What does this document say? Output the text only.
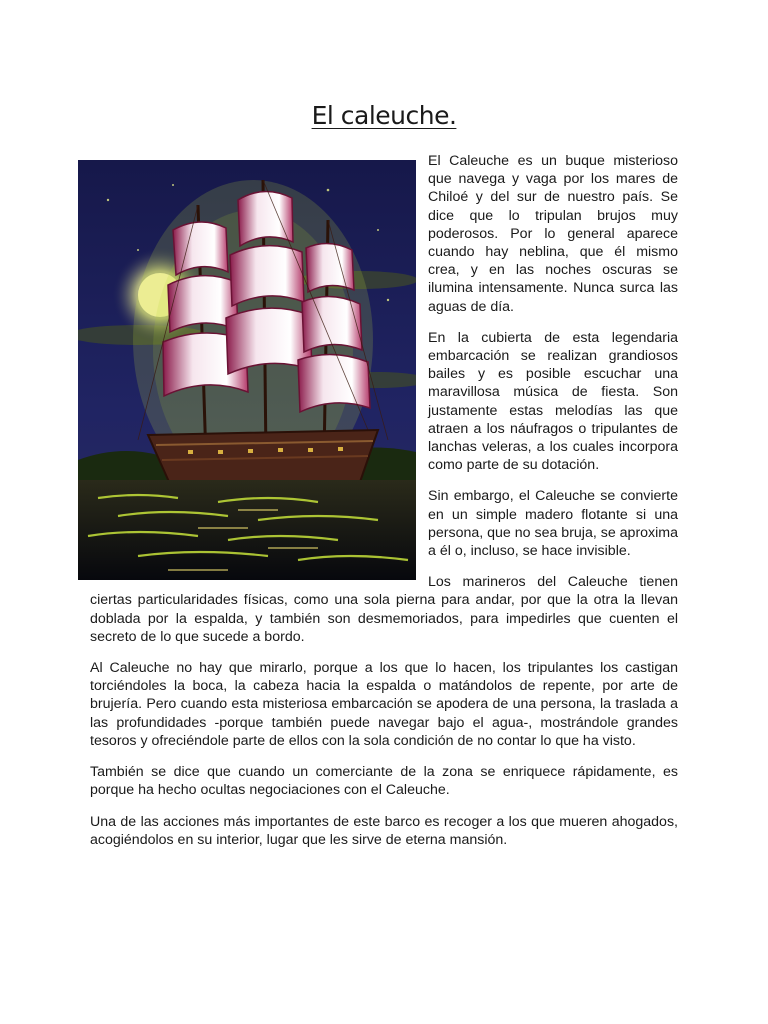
El caleuche.

El Caleuche es un buque misterioso que navega y vaga por los mares de Chiloé y del sur de nuestro país. Se dice que lo tripulan brujos muy poderosos. Por lo general aparece cuando hay neblina, que él mismo crea, y en las noches oscuras se ilumina intensamente. Nunca surca las aguas de día.

En la cubierta de esta legendaria embarcación se realizan grandiosos bailes y es posible escuchar una maravillosa música de fiesta. Son justamente estas melodías las que atraen a los náufragos o tripulantes de lanchas veleras, a los cuales incorpora como parte de su dotación.

Sin embargo, el Caleuche se convierte en un simple madero flotante si una persona, que no sea bruja, se aproxima a él o, incluso, se hace invisible.

Los marineros del Caleuche tienen ciertas particularidades físicas, como una sola pierna para andar, por que la otra la llevan doblada por la espalda, y también son desmemoriados, para impedirles que cuenten el secreto de lo que sucede a bordo.

Al Caleuche no hay que mirarlo, porque a los que lo hacen, los tripulantes los castigan torciéndoles la boca, la cabeza hacia la espalda o matándolos de repente, por arte de brujería. Pero cuando esta misteriosa embarcación se apodera de una persona, la traslada a las profundidades -porque también puede navegar bajo el agua-, mostrándole grandes tesoros y ofreciéndole parte de ellos con la sola condición de no contar lo que ha visto.

También se dice que cuando un comerciante de la zona se enriquece rápidamente, es porque ha hecho ocultas negociaciones con el Caleuche.

Una de las acciones más importantes de este barco es recoger a los que mueren ahogados, acogiéndolos en su interior, lugar que les sirve de eterna mansión.
